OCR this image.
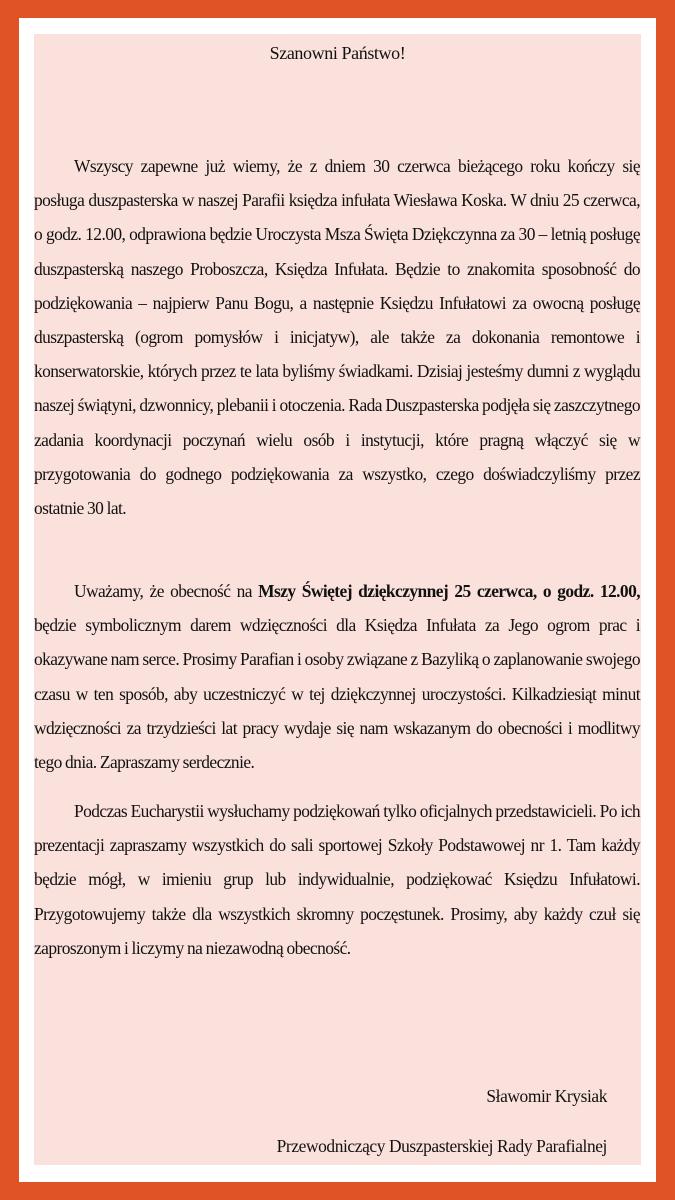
Szanowni Państwo!

Wszyscy zapewne już wiemy, że z dniem 30 czerwca bieżącego roku kończy się posługa duszpasterska w naszej Parafii księdza infułata Wiesława Koska. W dniu 25 czerwca, o godz. 12.00, odprawiona będzie Uroczysta Msza Święta Dziękczynna za 30 – letnią posługę duszpasterską naszego Proboszcza, Księdza Infułata. Będzie to znakomita sposobność do podziękowania – najpierw Panu Bogu, a następnie Księdzu Infułatowi za owocną posługę duszpasterską (ogrom pomysłów i inicjatyw), ale także za dokonania remontowe i konserwatorskie, których przez te lata byliśmy świadkami. Dzisiaj jesteśmy dumni z wyglądu naszej świątyni, dzwonnicy, plebanii i otoczenia. Rada Duszpasterska podjęła się zaszczytnego zadania koordynacji poczynań wielu osób i instytucji, które pragną włączyć się w przygotowania do godnego podziękowania za wszystko, czego doświadczyliśmy przez ostatnie 30 lat.

Uważamy, że obecność na Mszy Świętej dziękczynnej 25 czerwca, o godz. 12.00, będzie symbolicznym darem wdzięczności dla Księdza Infułata za Jego ogrom prac i okazywane nam serce. Prosimy Parafian i osoby związane z Bazyliką o zaplanowanie swojego czasu w ten sposób, aby uczestniczyć w tej dziękczynnej uroczystości. Kilkadziesiąt minut wdzięczności za trzydzieści lat pracy wydaje się nam wskazanym do obecności i modlitwy tego dnia. Zapraszamy serdecznie.

Podczas Eucharystii wysłuchamy podziękowań tylko oficjalnych przedstawicieli. Po ich prezentacji zapraszamy wszystkich do sali sportowej Szkoły Podstawowej nr 1. Tam każdy będzie mógł, w imieniu grup lub indywidualnie, podziękować Księdzu Infułatowi. Przygotowujemy także dla wszystkich skromny poczęstunek. Prosimy, aby każdy czuł się zaproszonym i liczymy na niezawodną obecność.

Sławomir Krysiak

Przewodniczący Duszpasterskiej Rady Parafialnej
